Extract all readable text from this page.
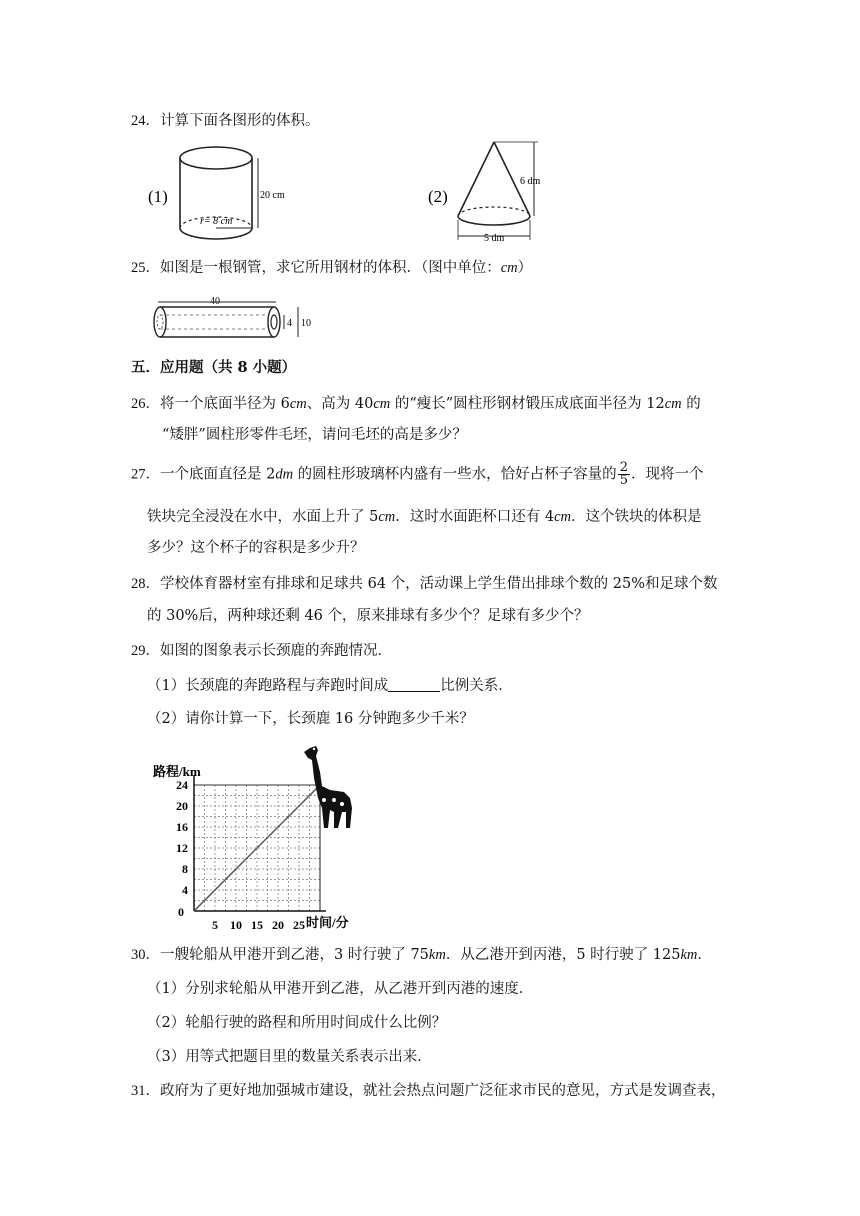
24．计算下面各图形的体积。
(1)
r= 8 cm
20 cm	(2)
6 dm
5 dm
25．如图是一根钢管，求它所用钢材的体积．（图中单位：cm）
40
4 10
五．应用题（共 8 小题）
26．将一个底面半径为 6cm、高为 40cm 的“瘦长”圆柱形钢材锻压成底面半径为 12cm 的
“矮胖”圆柱形零件毛坯，请问毛坯的高是多少？
27．一个底面直径是 2dm 的圆柱形玻璃杯内盛有一些水，恰好占杯子容量的 $\frac{2}{5}$ ．现将一个
铁块完全浸没在水中，水面上升了 5cm．这时水面距杯口还有 4cm．这个铁块的体积是
多少？这个杯子的容积是多少升？
28．学校体育器材室有排球和足球共 64 个，活动课上学生借出排球个数的 25%和足球个数
的 30%后，两种球还剩 46 个，原来排球有多少个？足球有多少个？
29．如图的图象表示长颈鹿的奔跑情况．
（1）长颈鹿的奔跑路程与奔跑时间成	比例关系．
（2）请你计算一下，长颈鹿 16 分钟跑多少千米？
路程/km
0
5 10 15 20 25
4
8
12
16
20
24
时间/分
30．一艘轮船从甲港开到乙港，3 时行驶了 75km．从乙港开到丙港，5 时行驶了 125km．
（1）分别求轮船从甲港开到乙港，从乙港开到丙港的速度．
（2）轮船行驶的路程和所用时间成什么比例？
（3）用等式把题目里的数量关系表示出来．
31．政府为了更好地加强城市建设，就社会热点问题广泛征求市民的意见，方式是发调查表，
